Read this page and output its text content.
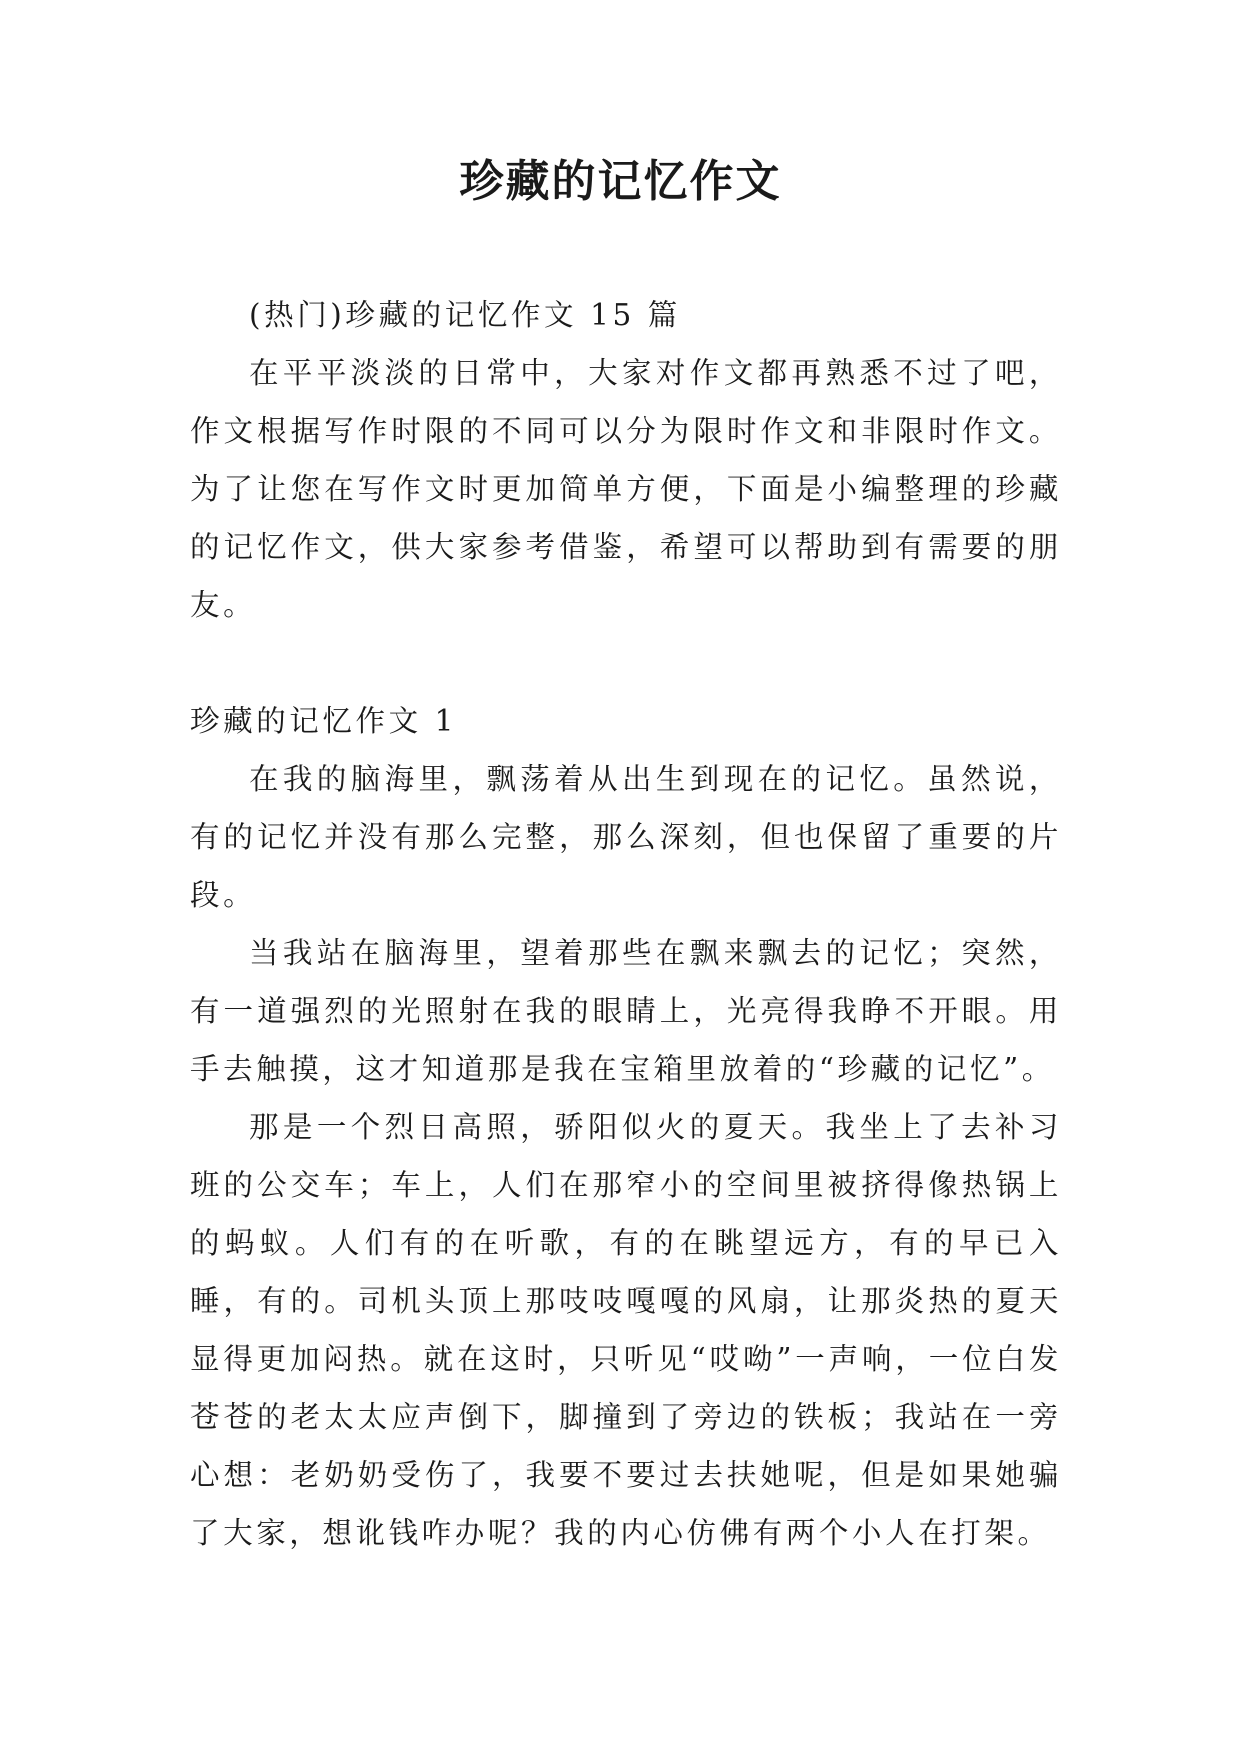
珍藏的记忆作文

(热门)珍藏的记忆作文 15 篇

在平平淡淡的日常中，大家对作文都再熟悉不过了吧，作文根据写作时限的不同可以分为限时作文和非限时作文。为了让您在写作文时更加简单方便，下面是小编整理的珍藏的记忆作文，供大家参考借鉴，希望可以帮助到有需要的朋友。

珍藏的记忆作文 1

在我的脑海里，飘荡着从出生到现在的记忆。虽然说，有的记忆并没有那么完整，那么深刻，但也保留了重要的片段。

当我站在脑海里，望着那些在飘来飘去的记忆；突然，有一道强烈的光照射在我的眼睛上，光亮得我睁不开眼。用手去触摸，这才知道那是我在宝箱里放着的“珍藏的记忆”。

那是一个烈日高照，骄阳似火的夏天。我坐上了去补习班的公交车；车上，人们在那窄小的空间里被挤得像热锅上的蚂蚁。人们有的在听歌，有的在眺望远方，有的早已入睡，有的。司机头顶上那吱吱嘎嘎的风扇，让那炎热的夏天显得更加闷热。就在这时，只听见“哎呦”一声响，一位白发苍苍的老太太应声倒下，脚撞到了旁边的铁板；我站在一旁心想：老奶奶受伤了，我要不要过去扶她呢，但是如果她骗了大家，想讹钱咋办呢？我的内心仿佛有两个小人在打架。
